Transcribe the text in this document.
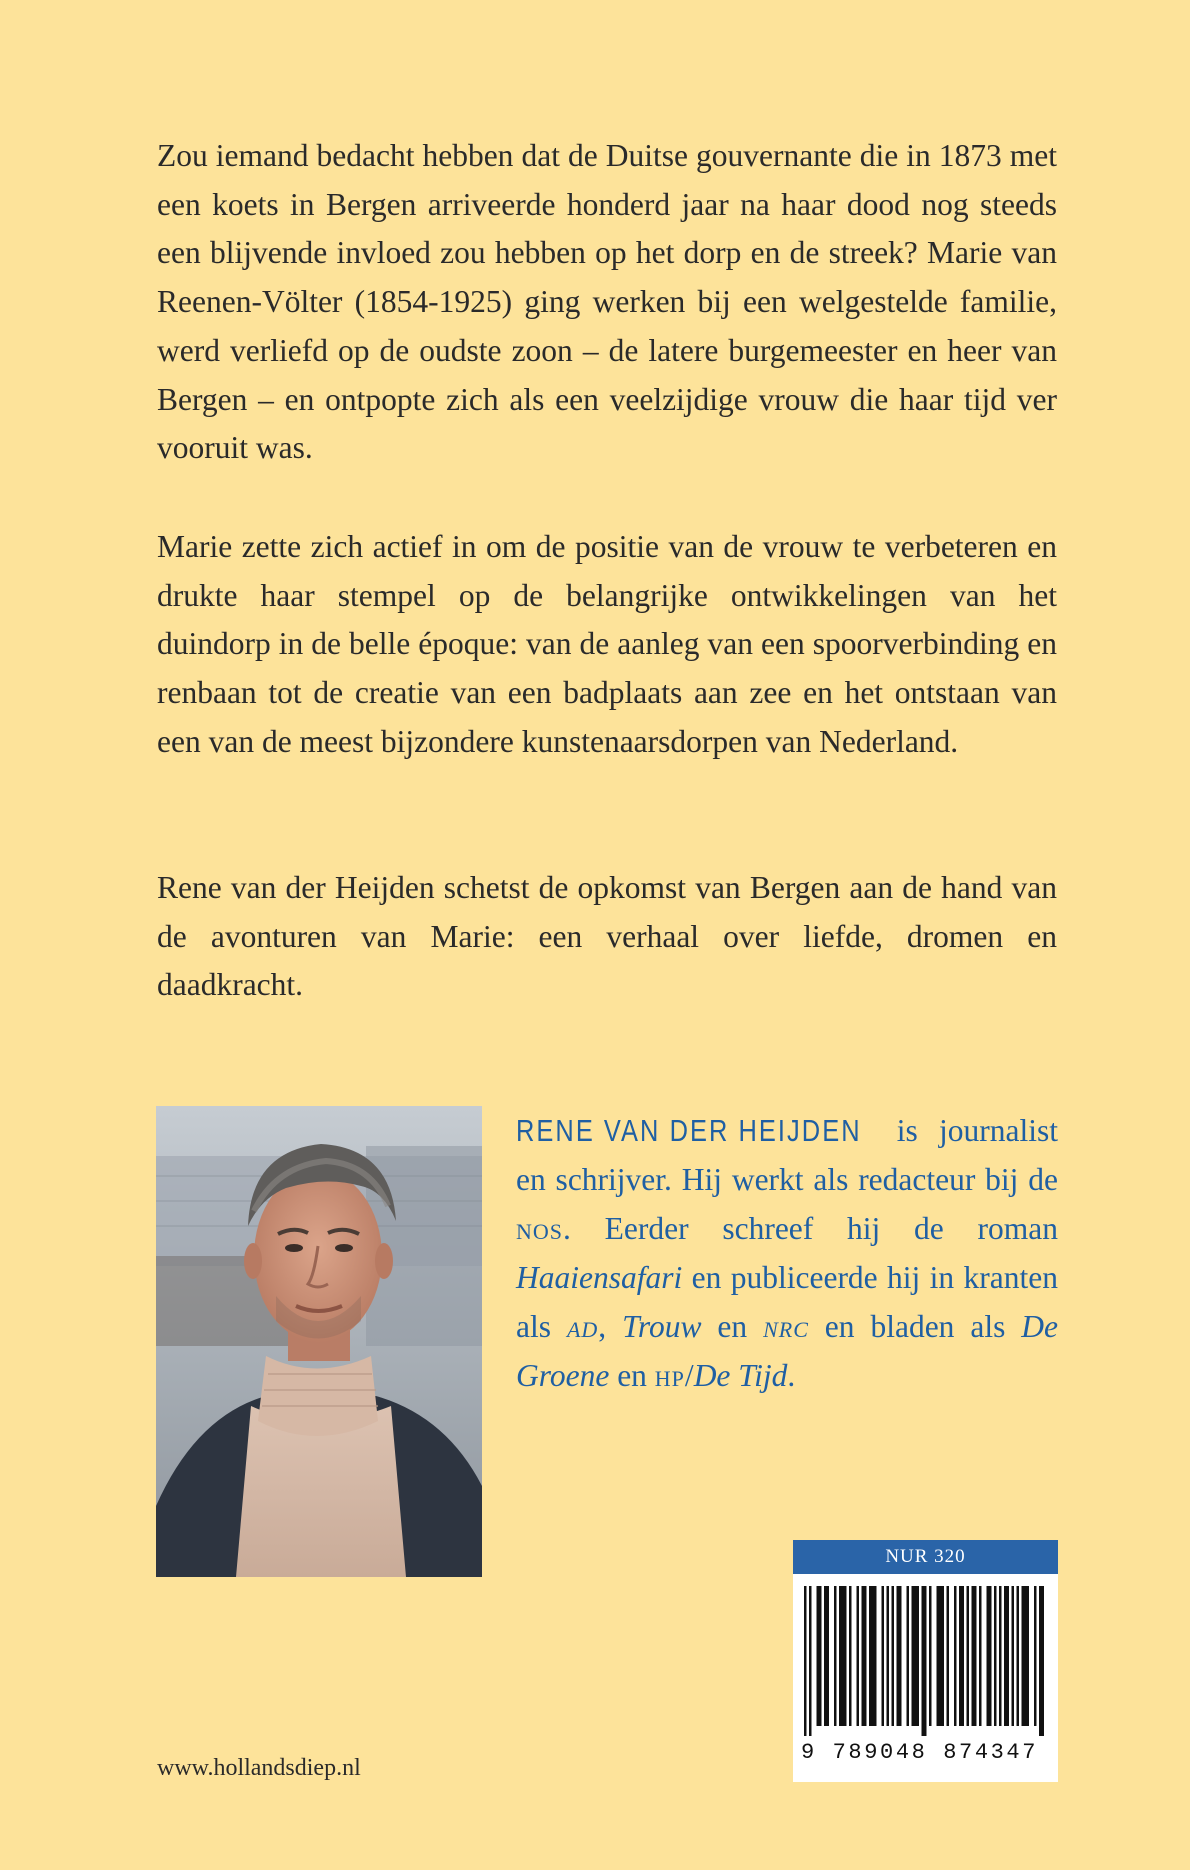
Zou iemand bedacht hebben dat de Duitse gouvernante die in 1873 met een koets in Bergen arriveerde honderd jaar na haar dood nog steeds een blijvende invloed zou hebben op het dorp en de streek? Marie van Reenen-Völter (1854-1925) ging werken bij een welgestelde familie, werd verliefd op de oudste zoon – de latere burgemeester en heer van Bergen – en ontpopte zich als een veelzijdige vrouw die haar tijd ver vooruit was.

Marie zette zich actief in om de positie van de vrouw te verbeteren en drukte haar stempel op de belangrijke ontwikkelingen van het duindorp in de belle époque: van de aanleg van een spoorverbinding en renbaan tot de creatie van een badplaats aan zee en het ontstaan van een van de meest bijzondere kunstenaarsdorpen van Nederland.

Rene van der Heijden schetst de opkomst van Bergen aan de hand van de avonturen van Marie: een verhaal over liefde, dromen en daadkracht.

RENE VAN DER HEIJDEN is journalist en schrijver. Hij werkt als redacteur bij de nos. Eerder schreef hij de roman Haaiensafari en publiceerde hij in kranten als ad, Trouw en nrc en bladen als De Groene en hp/De Tijd.

NUR 320
9 789048 874347

www.hollandsdiep.nl
